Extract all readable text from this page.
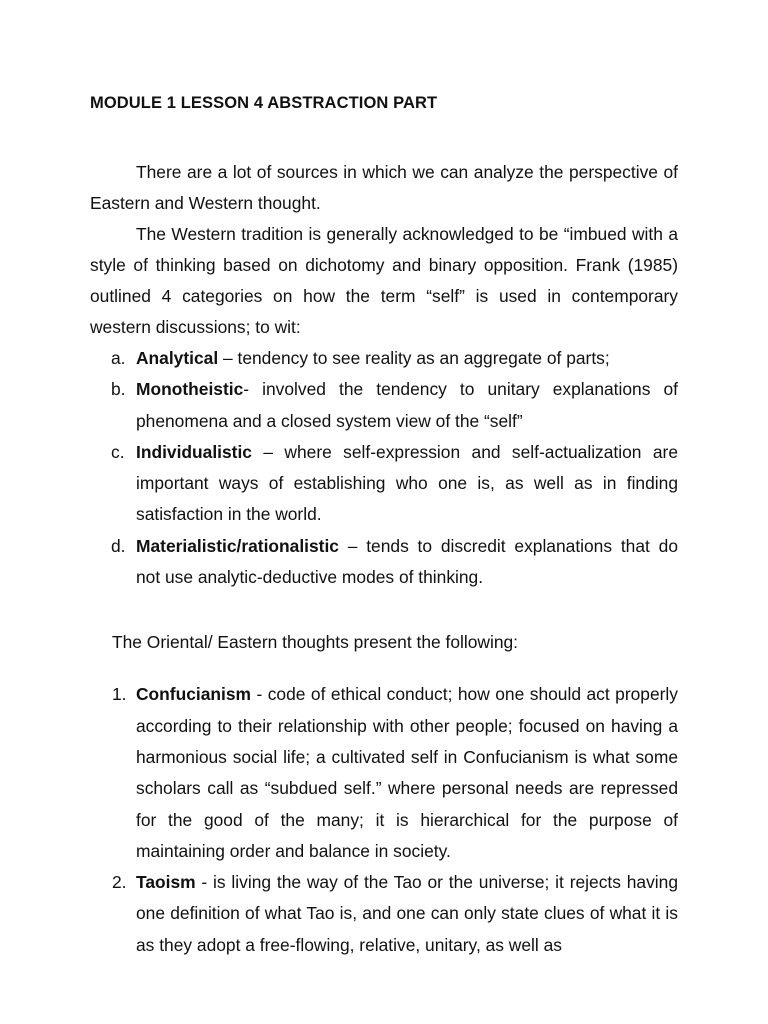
MODULE 1 LESSON 4 ABSTRACTION PART

There are a lot of sources in which we can analyze the perspective of Eastern and Western thought.

The Western tradition is generally acknowledged to be “imbued with a style of thinking based on dichotomy and binary opposition. Frank (1985) outlined 4 categories on how the term “self” is used in contemporary western discussions; to wit:

a. Analytical – tendency to see reality as an aggregate of parts;
b. Monotheistic- involved the tendency to unitary explanations of phenomena and a closed system view of the “self”
c. Individualistic – where self-expression and self-actualization are important ways of establishing who one is, as well as in finding satisfaction in the world.
d. Materialistic/rationalistic – tends to discredit explanations that do not use analytic-deductive modes of thinking.

The Oriental/ Eastern thoughts present the following:

1. Confucianism - code of ethical conduct; how one should act properly according to their relationship with other people; focused on having a harmonious social life; a cultivated self in Confucianism is what some scholars call as “subdued self.” where personal needs are repressed for the good of the many; it is hierarchical for the purpose of maintaining order and balance in society.
2. Taoism - is living the way of the Tao or the universe; it rejects having one definition of what Tao is, and one can only state clues of what it is as they adopt a free-flowing, relative, unitary, as well as
